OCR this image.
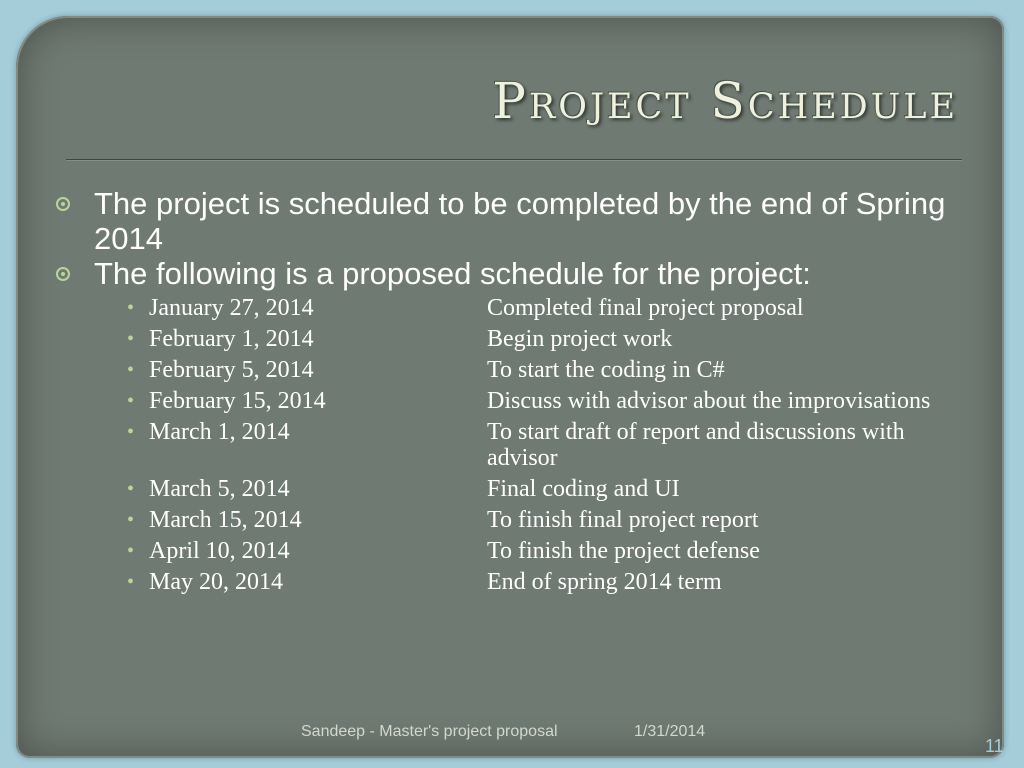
Project Schedule
The project is scheduled to be completed by the end of Spring 2014
The following is a proposed schedule for the project:
• January 27, 2014	Completed final project proposal
• February 1, 2014	Begin project work
• February 5, 2014	To start the coding in C#
• February 15, 2014	Discuss with advisor about the improvisations
• March 1, 2014	To start draft of report and discussions with advisor
• March 5, 2014	Final coding and UI
• March 15, 2014	To finish final project report
• April 10, 2014	To finish the project defense
• May 20, 2014	End of spring 2014 term
Sandeep - Master's project proposal	1/31/2014
11
